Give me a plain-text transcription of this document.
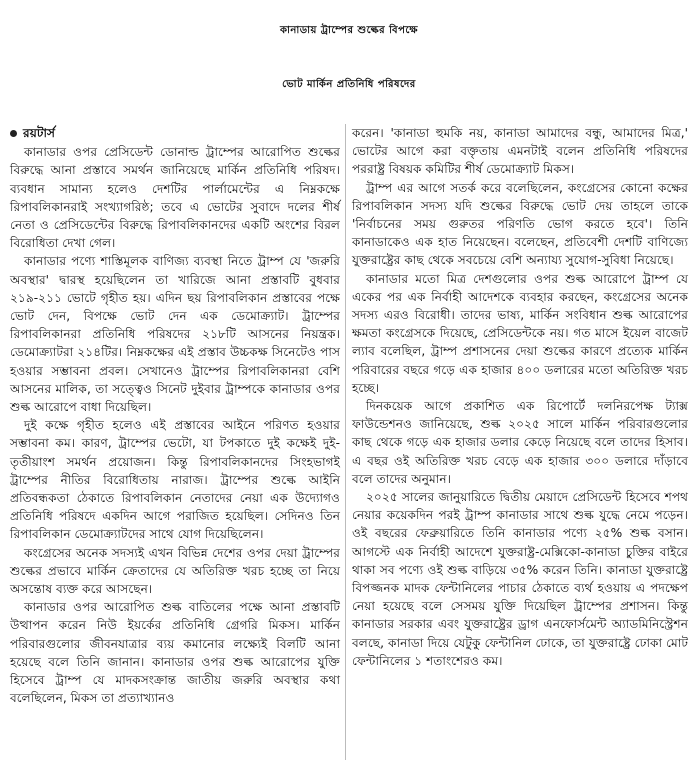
কানাডায় ট্রাম্পের শুল্কের বিপক্ষে
ভোট মার্কিন প্রতিনিধি পরিষদের
রয়টার্স

কানাডার ওপর প্রেসিডেন্ট ডোনাল্ড ট্রাম্পের আরোপিত শুল্কের বিরুদ্ধে আনা প্রস্তাবে সমর্থন জানিয়েছে মার্কিন প্রতিনিধি পরিষদ। ব্যবধান সামান্য হলেও দেশটির পার্লামেন্টের এ নিম্নকক্ষে রিপাবলিকানরাই সংখ্যাগরিষ্ঠ; তবে এ ভোটের সুবাদে দলের শীর্ষ নেতা ও প্রেসিডেন্টের বিরুদ্ধে রিপাবলিকানদের একটি অংশের বিরল বিরোধিতা দেখা গেল।

কানাডার পণ্যে শাস্তিমূলক বাণিজ্য ব্যবস্থা নিতে ট্রাম্প যে 'জরুরি অবস্থার' দ্বারস্থ হয়েছিলেন তা খারিজে আনা প্রস্তাবটি বুধবার ২১৯-২১১ ভোটে গৃহীত হয়। এদিন ছয় রিপাবলিকান প্রস্তাবের পক্ষে ভোট দেন, বিপক্ষে ভোট দেন এক ডেমোক্র্যাট। ট্রাম্পের রিপাবলিকানরা প্রতিনিধি পরিষদের ২১৮টি আসনের নিয়ন্ত্রক। ডেমোক্র্যাটরা ২১৪টির। নিম্নকক্ষের এই প্রস্তাব উচ্চকক্ষ সিনেটেও পাস হওয়ার সম্ভাবনা প্রবল। সেখানেও ট্রাম্পের রিপাবলিকানরা বেশি আসনের মালিক, তা সত্ত্বেও সিনেট দুইবার ট্রাম্পকে কানাডার ওপর শুল্ক আরোপে বাধা দিয়েছিল।

দুই কক্ষে গৃহীত হলেও এই প্রস্তাবের আইনে পরিণত হওয়ার সম্ভাবনা কম। কারণ, ট্রাম্পের ভেটো, যা টপকাতে দুই কক্ষেই দুই-তৃতীয়াংশ সমর্থন প্রয়োজন। কিন্তু রিপাবলিকানদের সিংহভাগই ট্রাম্পের নীতির বিরোধিতায় নারাজ। ট্রাম্পের শুল্কে আইনি প্রতিবন্ধকতা ঠেকাতে রিপাবলিকান নেতাদের নেয়া এক উদ্যোগও প্রতিনিধি পরিষদে একদিন আগে পরাজিত হয়েছিল। সেদিনও তিন রিপাবলিকান ডেমোক্র্যাটদের সাথে যোগ দিয়েছিলেন।

কংগ্রেসের অনেক সদস্যই এখন বিভিন্ন দেশের ওপর দেয়া ট্রাম্পের শুল্কের প্রভাবে মার্কিন ক্রেতাদের যে অতিরিক্ত খরচ হচ্ছে তা নিয়ে অসন্তোষ ব্যক্ত করে আসছেন।

কানাডার ওপর আরোপিত শুল্ক বাতিলের পক্ষে আনা প্রস্তাবটি উত্থাপন করেন নিউ ইয়র্কের প্রতিনিধি গ্রেগরি মিকস। মার্কিন পরিবারগুলোর জীবনযাত্রার ব্যয় কমানোর লক্ষ্যেই বিলটি আনা হয়েছে বলে তিনি জানান। কানাডার ওপর শুল্ক আরোপের যুক্তি হিসেবে ট্রাম্প যে মাদকসংক্রান্ত জাতীয় জরুরি অবস্থার কথা বলেছিলেন, মিকস তা প্রত্যাখ্যানও

করেন। 'কানাডা হুমকি নয়, কানাডা আমাদের বন্ধু, আমাদের মিত্র,' ভোটের আগে করা বক্তৃতায় এমনটাই বলেন প্রতিনিধি পরিষদের পররাষ্ট্র বিষয়ক কমিটির শীর্ষ ডেমোক্র্যাট মিকস।

ট্রাম্প এর আগে সতর্ক করে বলেছিলেন, কংগ্রেসের কোনো কক্ষের রিপাবলিকান সদস্য যদি শুল্কের বিরুদ্ধে ভোট দেয় তাহলে তাকে 'নির্বাচনের সময় গুরুতর পরিণতি ভোগ করতে হবে'। তিনি কানাডাকেও এক হাত নিয়েছেন। বলেছেন, প্রতিবেশী দেশটি বাণিজ্যে যুক্তরাষ্ট্রের কাছ থেকে সবচেয়ে বেশি অন্যায্য সুযোগ-সুবিধা নিয়েছে।

কানাডার মতো মিত্র দেশগুলোর ওপর শুল্ক আরোপে ট্রাম্প যে একের পর এক নির্বাহী আদেশকে ব্যবহার করছেন, কংগ্রেসের অনেক সদস্য এরও বিরোধী। তাদের ভাষ্য, মার্কিন সংবিধান শুল্ক আরোপের ক্ষমতা কংগ্রেসকে দিয়েছে, প্রেসিডেন্টকে নয়। গত মাসে ইয়েল বাজেট ল্যাব বলেছিল, ট্রাম্প প্রশাসনের দেয়া শুল্কের কারণে প্রত্যেক মার্কিন পরিবারের বছরে গড়ে এক হাজার ৪০০ ডলারের মতো অতিরিক্ত খরচ হচ্ছে।

দিনকয়েক আগে প্রকাশিত এক রিপোর্টে দলনিরপেক্ষ ট্যাক্স ফাউন্ডেশনও জানিয়েছে, শুল্ক ২০২৫ সালে মার্কিন পরিবারগুলোর কাছ থেকে গড়ে এক হাজার ডলার কেড়ে নিয়েছে বলে তাদের হিসাব। এ বছর ওই অতিরিক্ত খরচ বেড়ে এক হাজার ৩০০ ডলারে দাঁড়াবে বলে তাদের অনুমান।

২০২৫ সালের জানুয়ারিতে দ্বিতীয় মেয়াদে প্রেসিডেন্ট হিসেবে শপথ নেয়ার কয়েকদিন পরই ট্রাম্প কানাডার সাথে শুল্ক যুদ্ধে নেমে পড়েন। ওই বছরের ফেব্রুয়ারিতে তিনি কানাডার পণ্যে ২৫% শুল্ক বসান। আগস্টে এক নির্বাহী আদেশে যুক্তরাষ্ট্র-মেক্সিকো-কানাডা চুক্তির বাইরে থাকা সব পণ্যে ওই শুল্ক বাড়িয়ে ৩৫% করেন তিনি। কানাডা যুক্তরাষ্ট্রে বিপজ্জনক মাদক ফেন্টানিলের পাচার ঠেকাতে ব্যর্থ হওয়ায় এ পদক্ষেপ নেয়া হয়েছে বলে সেসময় যুক্তি দিয়েছিল ট্রাম্পের প্রশাসন। কিন্তু কানাডার সরকার এবং যুক্তরাষ্ট্রের ড্রাগ এনফোর্সমেন্ট অ্যাডমিনিস্ট্রেশন বলছে, কানাডা দিয়ে যেটুকু ফেন্টানিল ঢোকে, তা যুক্তরাষ্ট্রে ঢোকা মোট ফেন্টানিলের ১ শতাংশেরও কম।
